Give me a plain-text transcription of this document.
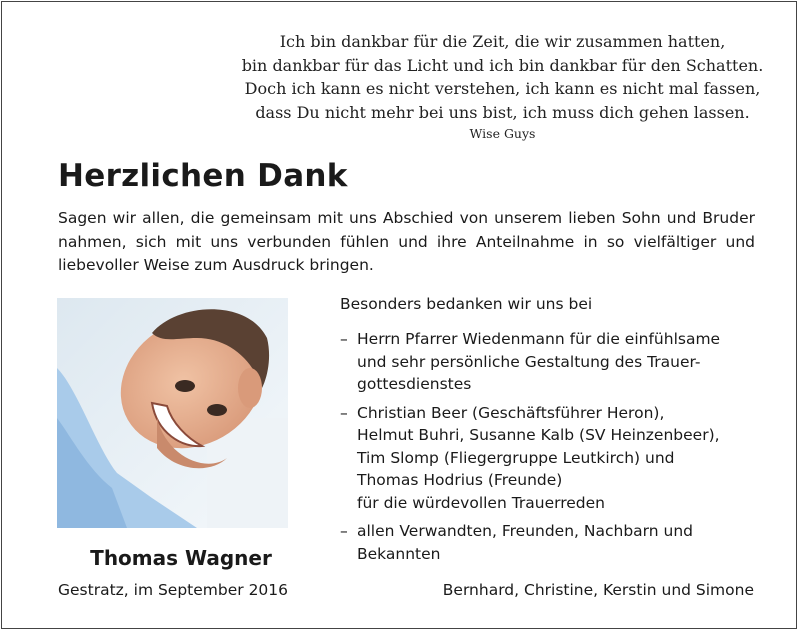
Ich bin dankbar für die Zeit, die wir zusammen hatten,
bin dankbar für das Licht und ich bin dankbar für den Schatten.
Doch ich kann es nicht verstehen, ich kann es nicht mal fassen,
dass Du nicht mehr bei uns bist, ich muss dich gehen lassen.
Wise Guys
Herzlichen Dank
Sagen wir allen, die gemeinsam mit uns Abschied von unserem lieben Sohn und Bruder nahmen, sich mit uns verbunden fühlen und ihre Anteilnahme in so vielfältiger und liebevoller Weise zum Ausdruck bringen.
Thomas Wagner
Gestratz, im September 2016	Bernhard, Christine, Kerstin und Simone
Besonders bedanken wir uns bei
– Herrn Pfarrer Wiedenmann für die einfühlsame
und sehr persönliche Gestaltung des Trauer-
gottesdienstes
– Christian Beer (Geschäftsführer Heron),
Helmut Buhri, Susanne Kalb (SV Heinzenbeer),
Tim Slomp (Fliegergruppe Leutkirch) und
Thomas Hodrius (Freunde)
für die würdevollen Trauerreden
– allen Verwandten, Freunden, Nachbarn und
Bekannten
